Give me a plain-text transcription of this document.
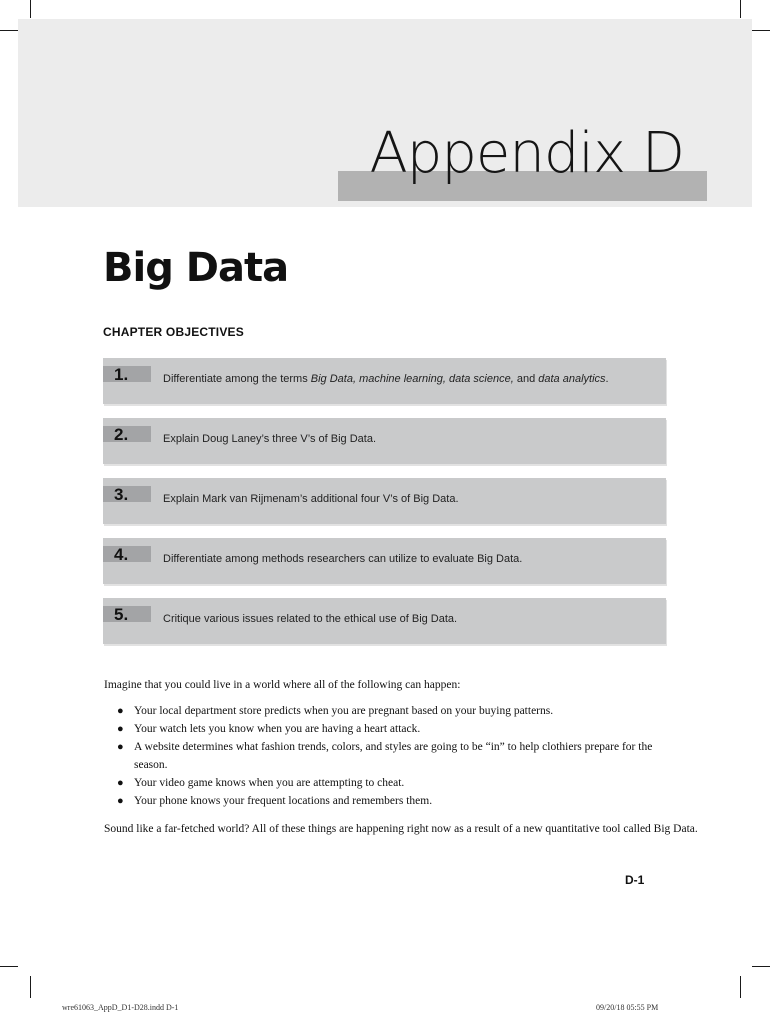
Appendix D
Big Data
CHAPTER OBJECTIVES
1.	Differentiate among the terms Big Data, machine learning, data science, and data analytics.
2.	Explain Doug Laney’s three V’s of Big Data.
3.	Explain Mark van Rijmenam’s additional four V’s of Big Data.
4.	Differentiate among methods researchers can utilize to evaluate Big Data.
5.	Critique various issues related to the ethical use of Big Data.
Imagine that you could live in a world where all of the following can happen:
● Your local department store predicts when you are pregnant based on your buying patterns.
● Your watch lets you know when you are having a heart attack.
● A website determines what fashion trends, colors, and styles are going to be “in” to help clothiers prepare for the season.
● Your video game knows when you are attempting to cheat.
● Your phone knows your frequent locations and remembers them.
Sound like a far-fetched world? All of these things are happening right now as a result of a new quantitative tool called Big Data.
D-1
wre61063_AppD_D1-D28.indd D-1	09/20/18 05:55 PM
